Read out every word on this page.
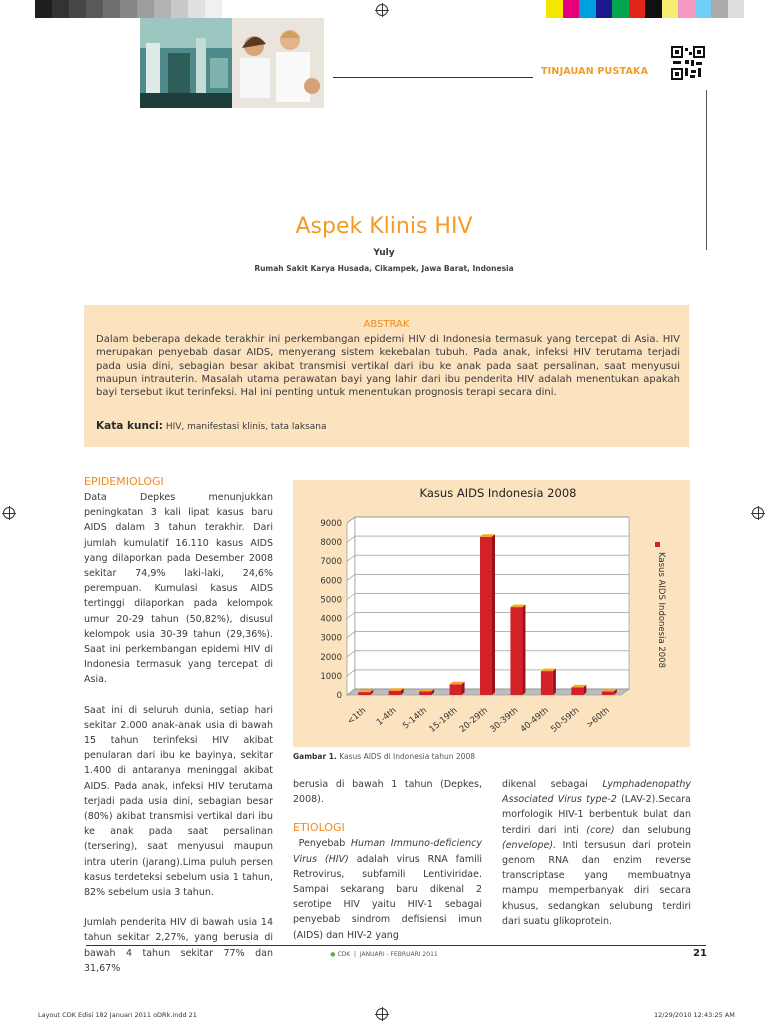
TINJAUAN PUSTAKA
Aspek Klinis HIV
Yuly
Rumah Sakit Karya Husada, Cikampek, Jawa Barat, Indonesia
ABSTRAK
Dalam beberapa dekade terakhir ini perkembangan epidemi HIV di Indonesia termasuk yang tercepat di Asia. HIV merupakan penyebab dasar AIDS, menyerang sistem kekebalan tubuh. Pada anak, infeksi HIV terutama terjadi pada usia dini, sebagian besar akibat transmisi vertikal dari ibu ke anak pada saat persalinan, saat menyusui maupun intrauterin. Masalah utama perawatan bayi yang lahir dari ibu penderita HIV adalah menentukan apakah bayi tersebut ikut terinfeksi. Hal ini penting untuk menentukan prognosis terapi secara dini.
Kata kunci: HIV, manifestasi klinis, tata laksana

EPIDEMIOLOGI

Data Depkes menunjukkan peningkatan 3 kali lipat kasus baru AIDS dalam 3 tahun terakhir. Dari jumlah kumulatif 16.110 kasus AIDS yang dilaporkan pada Desember 2008 sekitar 74,9% laki-laki, 24,6% perempuan. Kumulasi kasus AIDS tertinggi dilaporkan pada kelompok umur 20-29 tahun (50,82%), disusul kelompok usia 30-39 tahun (29,36%). Saat ini perkembangan epidemi HIV di Indonesia termasuk yang tercepat di Asia.

Saat ini di seluruh dunia, setiap hari sekitar 2.000 anak-anak usia di bawah 15 tahun terinfeksi HIV akibat penularan dari ibu ke bayinya, sekitar 1.400 di antaranya meninggal akibat AIDS. Pada anak, infeksi HIV terutama terjadi pada usia dini, sebagian besar (80%) akibat transmisi vertikal dari ibu ke anak pada saat persalinan (tersering), saat menyusui maupun intra uterin (jarang).Lima puluh persen kasus terdeteksi sebelum usia 1 tahun, 82% sebelum usia 3 tahun.

Jumlah penderita HIV di bawah usia 14 tahun sekitar 2,27%, yang berusia di bawah 4 tahun sekitar 77% dan 31,67%

Kasus AIDS Indonesia 2008
0
1000
2000
3000
4000
5000
6000
7000
8000
9000
<1th 1-4th 5-14th
15-19th
20-29th
30-39th
40-49th
50-59th >60th
Kasus AIDS Indonesia 2008
Gambar 1. Kasus AIDS di Indonesia tahun 2008

berusia di bawah 1 tahun (Depkes, 2008).

ETIOLOGI

Penyebab Human Immuno-deficiency Virus (HIV) adalah virus RNA famili Retrovirus, subfamili Lentiviridae. Sampai sekarang baru dikenal 2 serotipe HIV yaitu HIV-1 sebagai penyebab sindrom defisiensi imun (AIDS) dan HIV-2 yang

dikenal sebagai Lymphadenopathy Associated Virus type-2 (LAV-2).Secara morfologik HIV-1 berbentuk bulat dan terdiri dari inti (core) dan selubung (envelope). Inti tersusun dari protein genom RNA dan enzim reverse transcriptase yang membuatnya mampu memperbanyak diri secara khusus, sedangkan selubung terdiri dari suatu glikoprotein.

● CDK | JANUARI - FEBRUARI 2011	21
Layout CDK Edisi 182 Januari 2011 oDRk.indd 21	12/29/2010 12:43:25 AM
